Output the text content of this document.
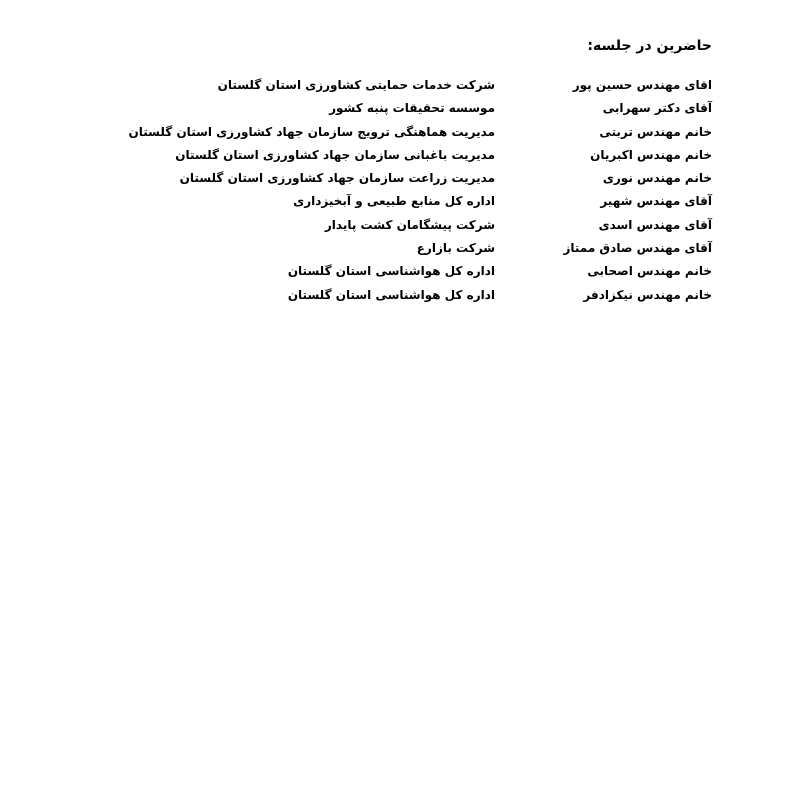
حاضرین در جلسه:
اقای مهندس حسین پور
شرکت خدمات حمایتی کشاورزی استان گلستان
آقای دکتر سهرابی
موسسه تحقیقات پنبه کشور
خانم مهندس تربتی
مدیریت هماهنگی ترویج سازمان جهاد کشاورزی استان گلستان
خانم مهندس اکبریان
مدیریت باغبانی سازمان جهاد کشاورزی استان گلستان
خانم مهندس نوری
مدیریت زراعت سازمان جهاد کشاورزی استان گلستان
آقای مهندس شهیر
اداره کل منابع طبیعی و آبخیزداری
آقای مهندس اسدی
شرکت پیشگامان کشت پایدار
آقای مهندس صادق ممتاز
شرکت بازارع
خانم مهندس اصحابی
اداره کل هواشناسی استان گلستان
خانم مهندس نیکزادفر
اداره کل هواشناسی استان گلستان
